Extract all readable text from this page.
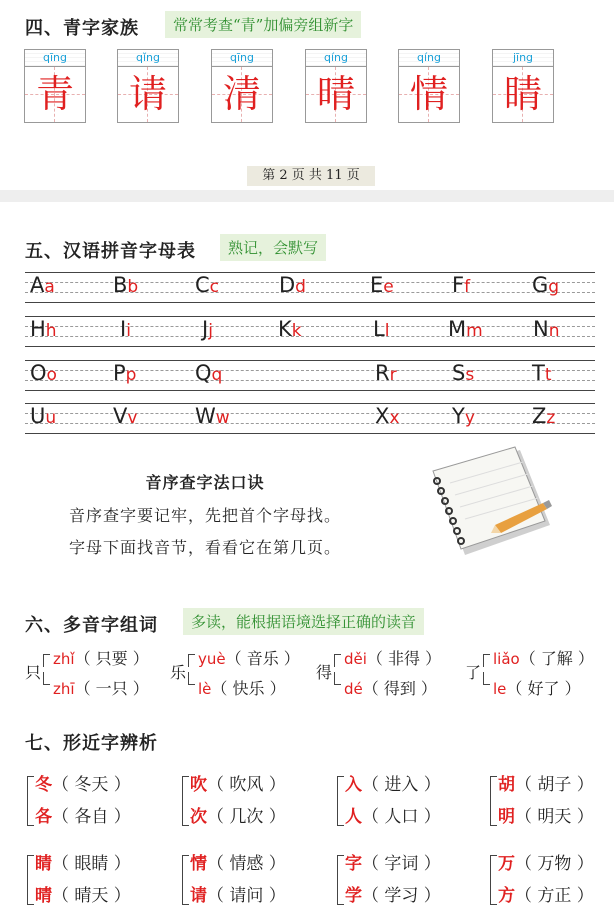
四、青字家族	常常考查“青”加偏旁组新字
qīng
青
qǐng
请
qīng
清
qíng
晴
qíng
情
jīng
睛
第 2 页 共 11 页
五、汉语拼音字母表	熟记，会默写
Aa	Bb	Cc	Dd	Ee	Ff	Gg
Hh	Ii	Jj	Kk	Ll	Mm Nn
Oo	Pp	Qq	Rr	Ss	Tt
Uu	Vv	Ww	Xx	Yy	Zz
音序查字法口诀
音序查字要记牢，先把首个字母找。
字母下面找音节，看看它在第几页。
六、多音字组词	多读，能根据语境选择正确的读音
只
zhǐ（ 只要 ）
zhī（ 一只 ）
乐
yuè（ 音乐 ）
lè（ 快乐 ）
得
děi（ 非得 ）
dé（ 得到 ）
了
liǎo（ 了解 ）
le（ 好了 ）
七、形近字辨析
冬（ 冬天 ）
各（ 各自 ）
吹（ 吹风 ）
次（ 几次 ）
入（ 进入 ）
人（ 人口 ）
胡（ 胡子 ）
明（ 明天 ）
睛（ 眼睛 ）
晴（ 晴天 ）
情（ 情感 ）
请（ 请问 ）
字（ 字词 ）
学（ 学习 ）
万（ 万物 ）
方（ 方正 ）
